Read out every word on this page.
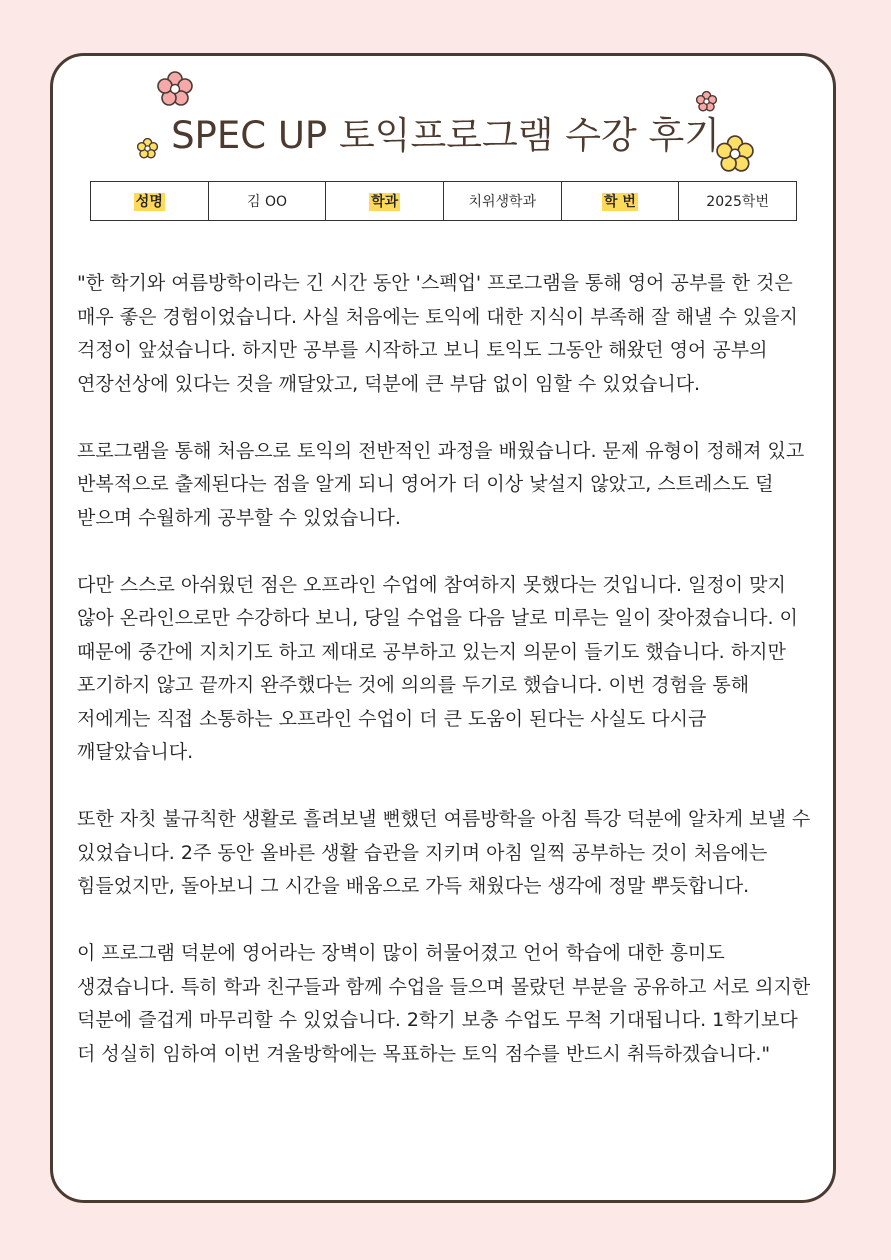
SPEC UP 토익프로그램 수강 후기
성명	김 OO	학과	치위생학과	학 번	2025학번

"한 학기와 여름방학이라는 긴 시간 동안 '스펙업' 프로그램을 통해 영어 공부를 한 것은 매우 좋은 경험이었습니다. 사실 처음에는 토익에 대한 지식이 부족해 잘 해낼 수 있을지 걱정이 앞섰습니다. 하지만 공부를 시작하고 보니 토익도 그동안 해왔던 영어 공부의 연장선상에 있다는 것을 깨달았고, 덕분에 큰 부담 없이 임할 수 있었습니다.

프로그램을 통해 처음으로 토익의 전반적인 과정을 배웠습니다. 문제 유형이 정해져 있고 반복적으로 출제된다는 점을 알게 되니 영어가 더 이상 낯설지 않았고, 스트레스도 덜 받으며 수월하게 공부할 수 있었습니다.

다만 스스로 아쉬웠던 점은 오프라인 수업에 참여하지 못했다는 것입니다. 일정이 맞지 않아 온라인으로만 수강하다 보니, 당일 수업을 다음 날로 미루는 일이 잦아졌습니다. 이 때문에 중간에 지치기도 하고 제대로 공부하고 있는지 의문이 들기도 했습니다. 하지만 포기하지 않고 끝까지 완주했다는 것에 의의를 두기로 했습니다. 이번 경험을 통해 저에게는 직접 소통하는 오프라인 수업이 더 큰 도움이 된다는 사실도 다시금 깨달았습니다.

또한 자칫 불규칙한 생활로 흘려보낼 뻔했던 여름방학을 아침 특강 덕분에 알차게 보낼 수 있었습니다. 2주 동안 올바른 생활 습관을 지키며 아침 일찍 공부하는 것이 처음에는 힘들었지만, 돌아보니 그 시간을 배움으로 가득 채웠다는 생각에 정말 뿌듯합니다.

이 프로그램 덕분에 영어라는 장벽이 많이 허물어졌고 언어 학습에 대한 흥미도 생겼습니다. 특히 학과 친구들과 함께 수업을 들으며 몰랐던 부분을 공유하고 서로 의지한 덕분에 즐겁게 마무리할 수 있었습니다. 2학기 보충 수업도 무척 기대됩니다. 1학기보다 더 성실히 임하여 이번 겨울방학에는 목표하는 토익 점수를 반드시 취득하겠습니다."
